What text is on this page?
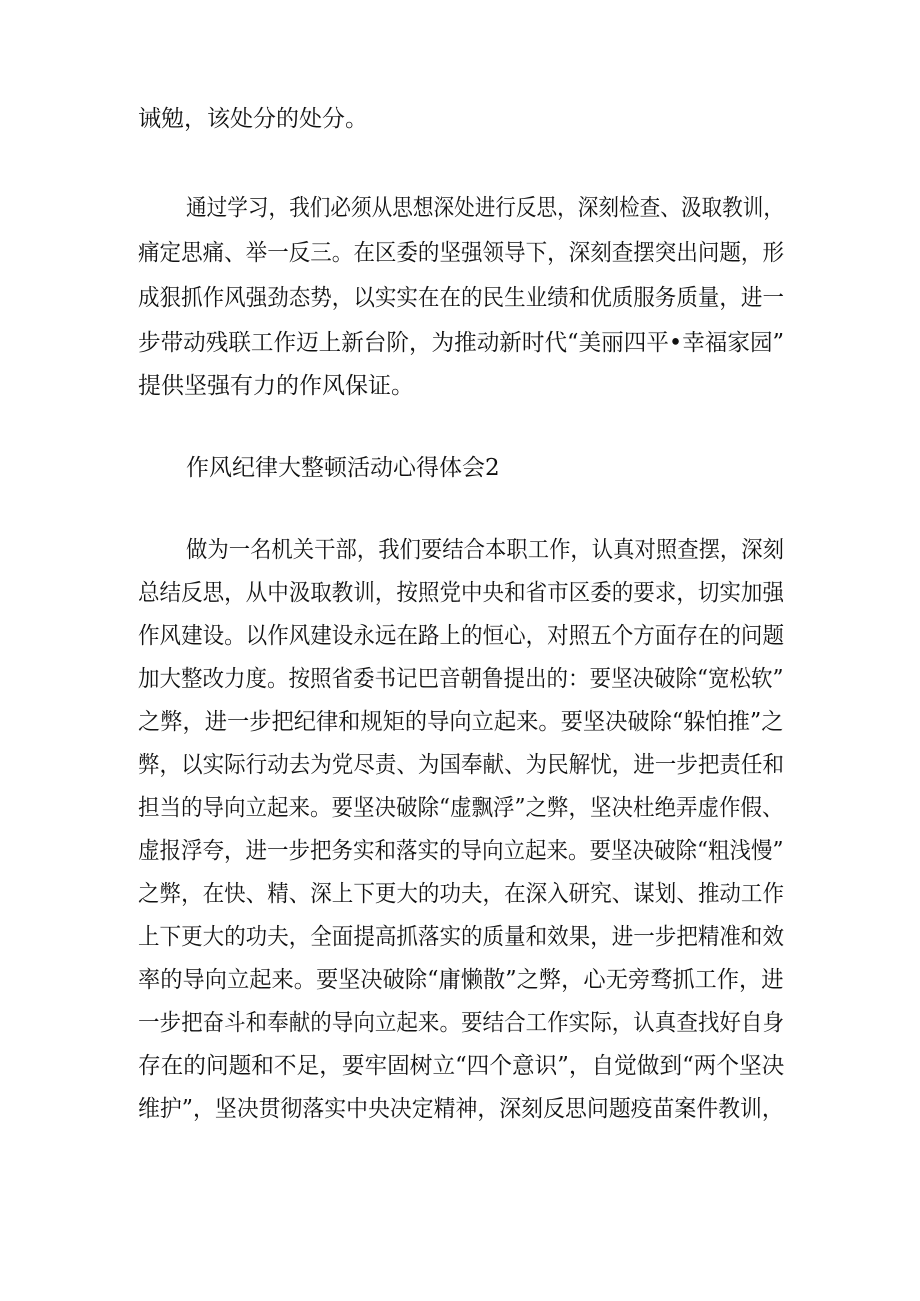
诫勉，该处分的处分。
通过学习，我们必须从思想深处进行反思，深刻检查、汲取教训，
痛定思痛、举一反三。在区委的坚强领导下，深刻查摆突出问题，形
成狠抓作风强劲态势，以实实在在的民生业绩和优质服务质量，进一
步带动残联工作迈上新台阶，为推动新时代“美丽四平•幸福家园”
提供坚强有力的作风保证。
作风纪律大整顿活动心得体会2
做为一名机关干部，我们要结合本职工作，认真对照查摆，深刻
总结反思，从中汲取教训，按照党中央和省市区委的要求，切实加强
作风建设。以作风建设永远在路上的恒心，对照五个方面存在的问题
加大整改力度。按照省委书记巴音朝鲁提出的：要坚决破除“宽松软”
之弊，进一步把纪律和规矩的导向立起来。要坚决破除“躲怕推”之
弊，以实际行动去为党尽责、为国奉献、为民解忧，进一步把责任和
担当的导向立起来。要坚决破除“虚飘浮”之弊，坚决杜绝弄虚作假、
虚报浮夸，进一步把务实和落实的导向立起来。要坚决破除“粗浅慢”
之弊，在快、精、深上下更大的功夫，在深入研究、谋划、推动工作
上下更大的功夫，全面提高抓落实的质量和效果，进一步把精准和效
率的导向立起来。要坚决破除“庸懒散”之弊，心无旁骛抓工作，进
一步把奋斗和奉献的导向立起来。要结合工作实际，认真查找好自身
存在的问题和不足，要牢固树立“四个意识”，自觉做到“两个坚决
维护”，坚决贯彻落实中央决定精神，深刻反思问题疫苗案件教训，
